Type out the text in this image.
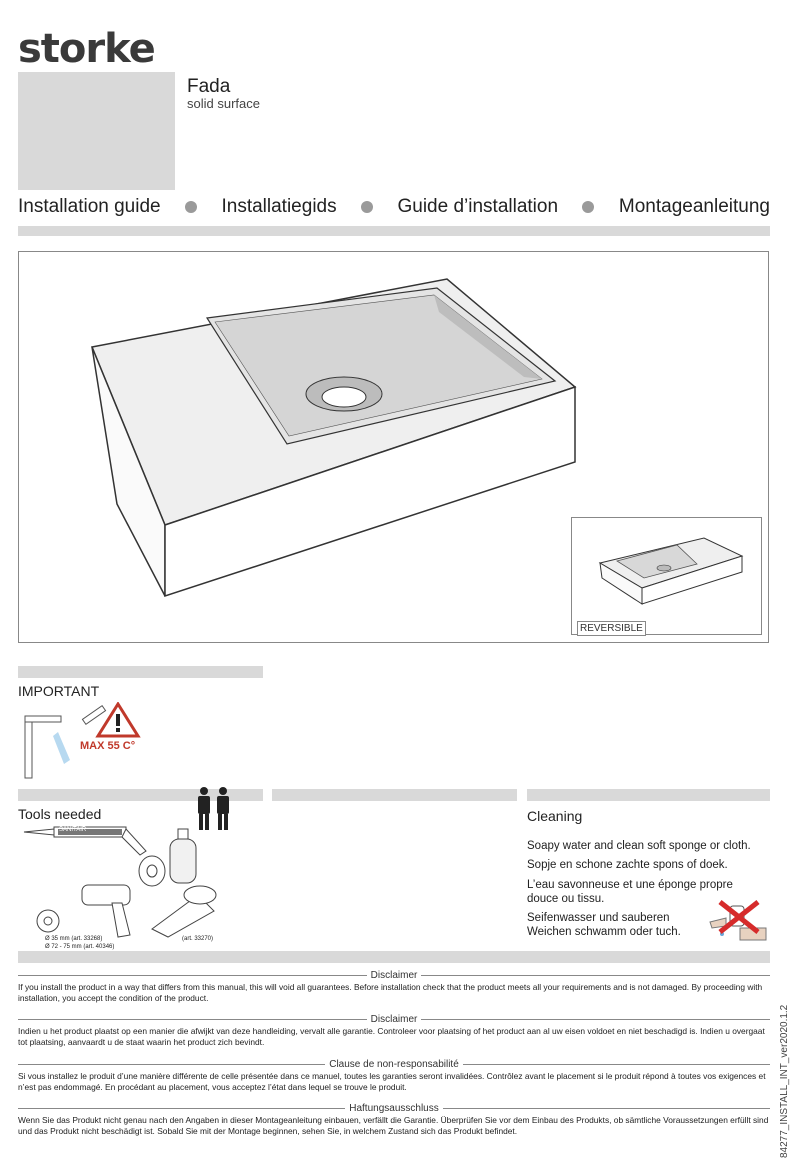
storke
Fada
solid surface
Installation guide	Installatiegids	Guide d’installation	Montageanleitung
REVERSIBLE
IMPORTANT
MAX 55 C°
Tools needed
SANITAIR
Ø 35 mm (art. 33268)
Ø 72 - 75 mm (art. 40346)
(art. 33270)
Cleaning
Soapy water and clean soft sponge or cloth.
Sopje en schone zachte spons of doek.
L’eau savonneuse et une éponge propre douce ou tissu.
Seifenwasser und sauberen Weichen schwamm oder tuch.
Disclaimer
If you install the product in a way that differs from this manual, this will void all guarantees. Before installation check that the product meets all your requirements and is not damaged. By proceeding with installation, you accept the condition of the product.
Disclaimer
Indien u het product plaatst op een manier die afwijkt van deze handleiding, vervalt alle garantie. Controleer voor plaatsing of het product aan al uw eisen voldoet en niet beschadigd is. Indien u overgaat tot plaatsing, aanvaardt u de staat waarin het product zich bevindt.
Clause de non-responsabilité
Si vous installez le produit d’une manière différente de celle présentée dans ce manuel, toutes les garanties seront invalidées. Contrôlez avant le placement si le produit répond à toutes vos exigences et n’est pas endommagé. En procédant au placement, vous acceptez l’état dans lequel se trouve le produit.
Haftungsausschluss
Wenn Sie das Produkt nicht genau nach den Angaben in dieser Montageanleitung einbauen, verfällt die Garantie. Überprüfen Sie vor dem Einbau des Produkts, ob sämtliche Voraussetzungen erfüllt sind und das Produkt nicht beschädigt ist. Sobald Sie mit der Montage beginnen, sehen Sie, in welchem Zustand sich das Produkt befindet.	84277_INSTALL_INT_ver2020.1.2
